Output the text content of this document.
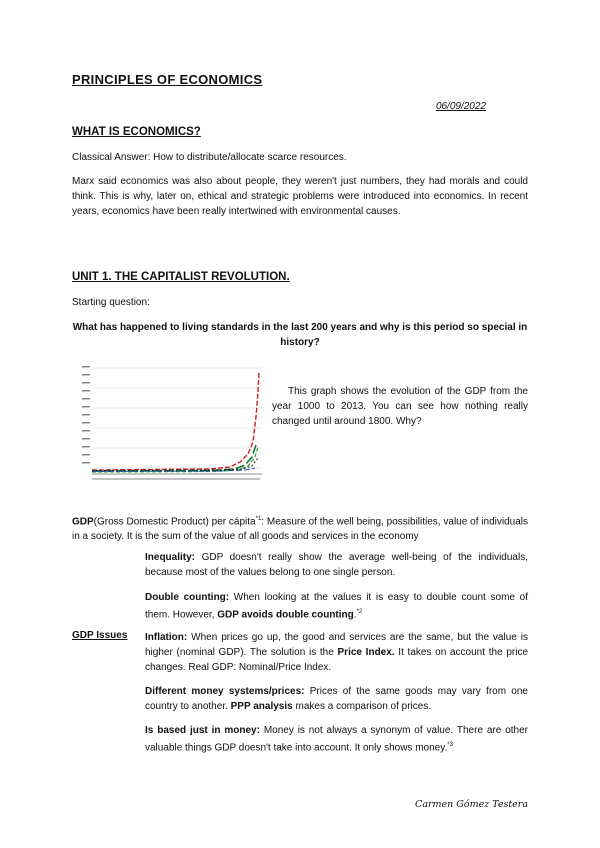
PRINCIPLES OF ECONOMICS
06/09/2022
WHAT IS ECONOMICS?
Classical Answer: How to distribute/allocate scarce resources.
Marx said economics was also about people, they weren't just numbers, they had morals and could think. This is why, later on, ethical and strategic problems were introduced into economics. In recent years, economics have been really intertwined with environmental causes.
UNIT 1. THE CAPITALIST REVOLUTION.
Starting question:
What has happened to living standards in the last 200 years and why is this period so special in history?
This graph shows the evolution of the GDP from the year 1000 to 2013. You can see how nothing really changed until around 1800. Why?
GDP(Gross Domestic Product) per cápita$^{*1}$: Measure of the well being, possibilities, value of individuals in a society. It is the sum of the value of all goods and services in the economy
Inequality: GDP doesn't really show the average well-being of the individuals, because most of the values belong to one single person.
Double counting: When looking at the values it is easy to double count some of them. However, GDP avoids double counting.$^{*2}$
GDP Issues Inflation: When prices go up, the good and services are the same, but the value is higher (nominal GDP). The solution is the Price Index. It takes on account the price changes. Real GDP: Nominal/Price Index.
Different money systems/prices: Prices of the same goods may vary from one country to another. PPP analysis makes a comparison of prices.
Is based just in money: Money is not always a synonym of value. There are other valuable things GDP doesn't take into account. It only shows money.$^{*3}$
Carmen Gómez Testera
